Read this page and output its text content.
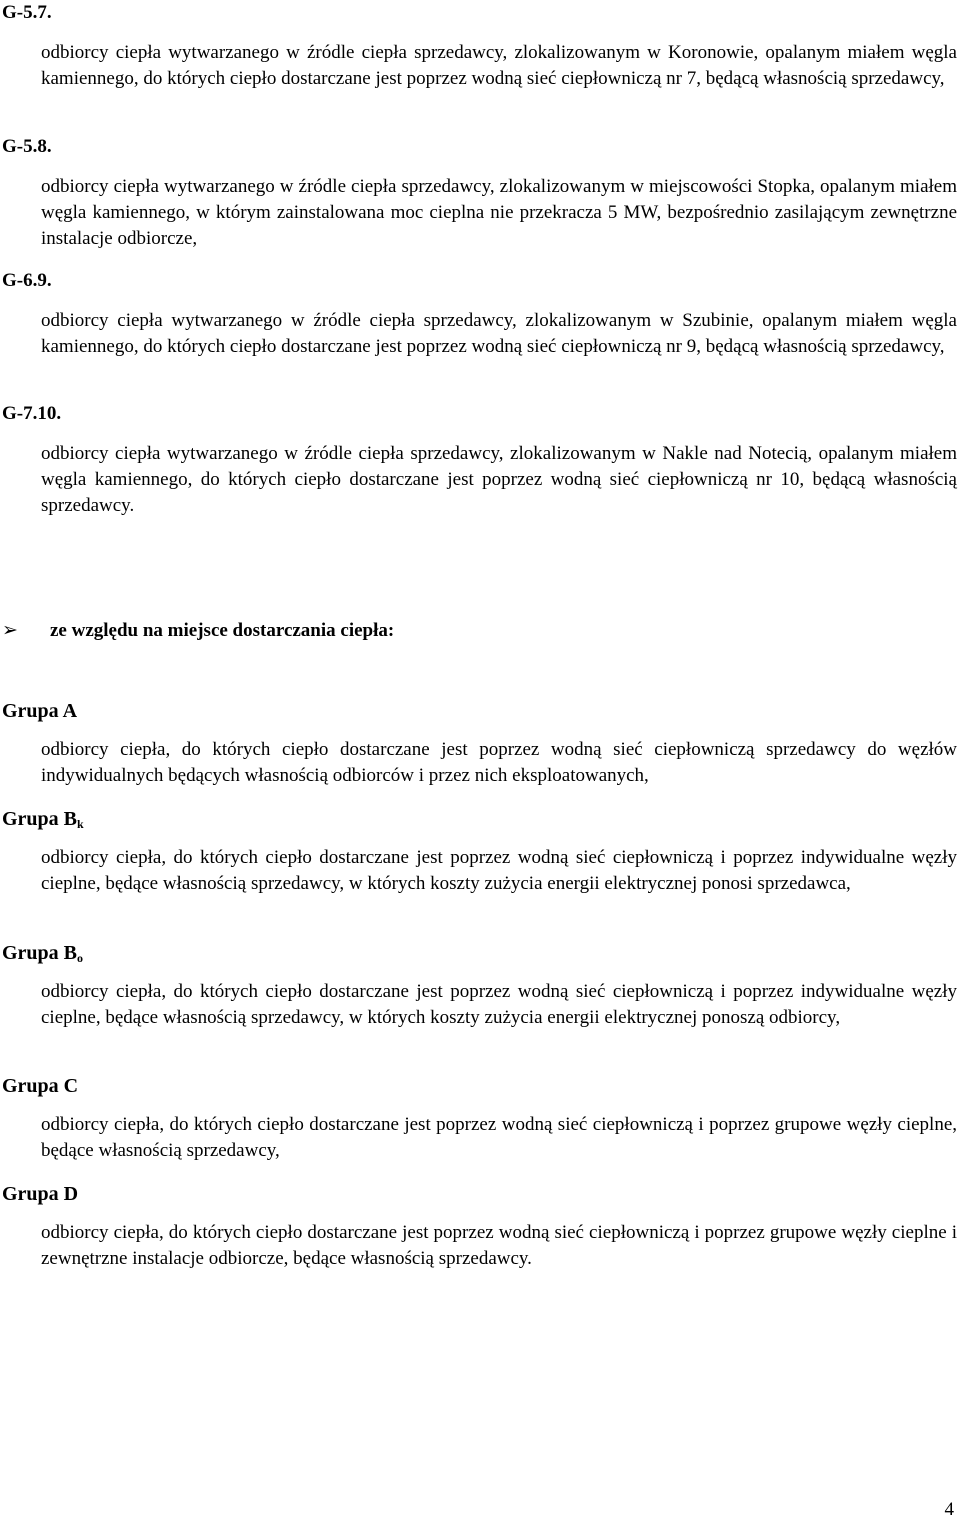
G-5.7.

odbiorcy ciepła wytwarzanego w źródle ciepła sprzedawcy, zlokalizowanym w Koronowie, opalanym miałem węgla kamiennego, do których ciepło dostarczane jest poprzez wodną sieć ciepłowniczą nr 7, będącą własnością sprzedawcy,

G-5.8.

odbiorcy ciepła wytwarzanego w źródle ciepła sprzedawcy, zlokalizowanym w miejscowości Stopka, opalanym miałem węgla kamiennego, w którym zainstalowana moc cieplna nie przekracza 5 MW, bezpośrednio zasilającym zewnętrzne instalacje odbiorcze,

G-6.9.

odbiorcy ciepła wytwarzanego w źródle ciepła sprzedawcy, zlokalizowanym w Szubinie, opalanym miałem węgla kamiennego, do których ciepło dostarczane jest poprzez wodną sieć ciepłowniczą nr 9, będącą własnością sprzedawcy,

G-7.10.

odbiorcy ciepła wytwarzanego w źródle ciepła sprzedawcy, zlokalizowanym w Nakle nad Notecią, opalanym miałem węgla kamiennego, do których ciepło dostarczane jest poprzez wodną sieć ciepłowniczą nr 10, będącą własnością sprzedawcy.

➢ ze względu na miejsce dostarczania ciepła:
Grupa A

odbiorcy ciepła, do których ciepło dostarczane jest poprzez wodną sieć ciepłowniczą sprzedawcy do węzłów indywidualnych będących własnością odbiorców i przez nich eksploatowanych,

Grupa $B_k$

odbiorcy ciepła, do których ciepło dostarczane jest poprzez wodną sieć ciepłowniczą i poprzez indywidualne węzły cieplne, będące własnością sprzedawcy, w których koszty zużycia energii elektrycznej ponosi sprzedawca,

Grupa $B_o$

odbiorcy ciepła, do których ciepło dostarczane jest poprzez wodną sieć ciepłowniczą i poprzez indywidualne węzły cieplne, będące własnością sprzedawcy, w których koszty zużycia energii elektrycznej ponoszą odbiorcy,

Grupa C

odbiorcy ciepła, do których ciepło dostarczane jest poprzez wodną sieć ciepłowniczą i poprzez grupowe węzły cieplne, będące własnością sprzedawcy,

Grupa D

odbiorcy ciepła, do których ciepło dostarczane jest poprzez wodną sieć ciepłowniczą i poprzez grupowe węzły cieplne i zewnętrzne instalacje odbiorcze, będące własnością sprzedawcy.

4
